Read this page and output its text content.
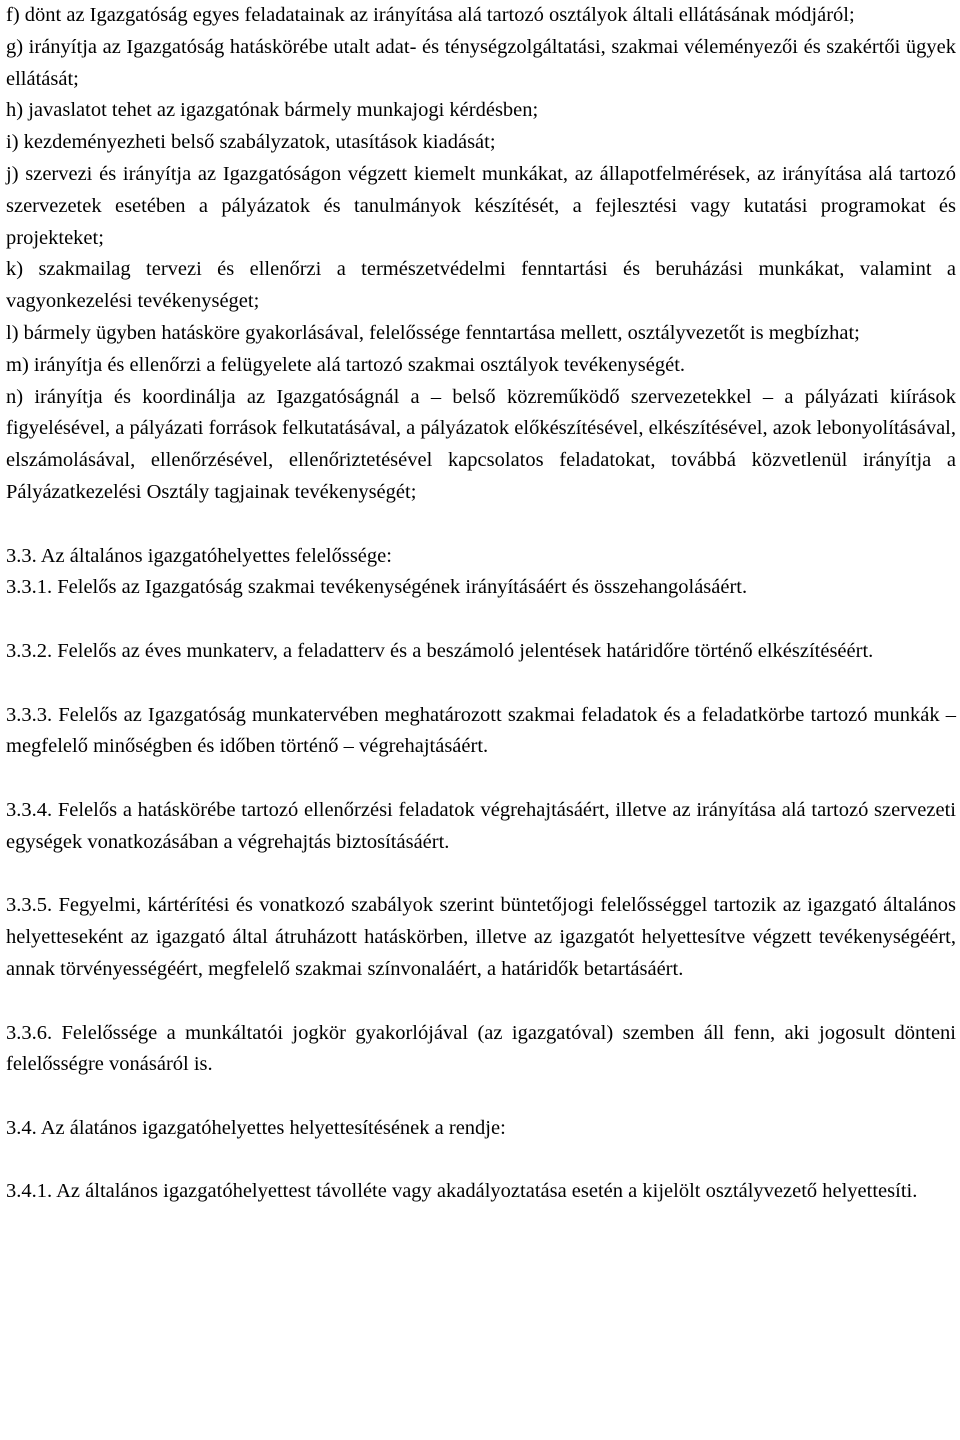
f) dönt az Igazgatóság egyes feladatainak az irányítása alá tartozó osztályok általi ellátásának módjáról;

g) irányítja az Igazgatóság hatáskörébe utalt adat- és ténységzolgáltatási, szakmai véleményezői és szakértői ügyek ellátását;

h) javaslatot tehet az igazgatónak bármely munkajogi kérdésben;

i) kezdeményezheti belső szabályzatok, utasítások kiadását;

j) szervezi és irányítja az Igazgatóságon végzett kiemelt munkákat, az állapotfelmérések, az irányítása alá tartozó szervezetek esetében a pályázatok és tanulmányok készítését, a fejlesztési vagy kutatási programokat és projekteket;

k) szakmailag tervezi és ellenőrzi a természetvédelmi fenntartási és beruházási munkákat, valamint a vagyonkezelési tevékenységet;

l) bármely ügyben hatásköre gyakorlásával, felelőssége fenntartása mellett, osztályvezetőt is megbízhat;

m) irányítja és ellenőrzi a felügyelete alá tartozó szakmai osztályok tevékenységét.

n) irányítja és koordinálja az Igazgatóságnál a – belső közreműködő szervezetekkel – a pályázati kiírások figyelésével, a pályázati források felkutatásával, a pályázatok előkészítésével, elkészítésével, azok lebonyolításával, elszámolásával, ellenőrzésével, ellenőriztetésével kapcsolatos feladatokat, továbbá közvetlenül irányítja a Pályázatkezelési Osztály tagjainak tevékenységét;

3.3. Az általános igazgatóhelyettes felelőssége:

3.3.1. Felelős az Igazgatóság szakmai tevékenységének irányításáért és összehangolásáért.

3.3.2. Felelős az éves munkaterv, a feladatterv és a beszámoló jelentések határidőre történő elkészítéséért.

3.3.3. Felelős az Igazgatóság munkatervében meghatározott szakmai feladatok és a feladatkörbe tartozó munkák – megfelelő minőségben és időben történő – végrehajtásáért.

3.3.4. Felelős a hatáskörébe tartozó ellenőrzési feladatok végrehajtásáért, illetve az irányítása alá tartozó szervezeti egységek vonatkozásában a végrehajtás biztosításáért.

3.3.5. Fegyelmi, kártérítési és vonatkozó szabályok szerint büntetőjogi felelősséggel tartozik az igazgató általános helyetteseként az igazgató által átruházott hatáskörben, illetve az igazgatót helyettesítve végzett tevékenységéért, annak törvényességéért, megfelelő szakmai színvonaláért, a határidők betartásáért.

3.3.6. Felelőssége a munkáltatói jogkör gyakorlójával (az igazgatóval) szemben áll fenn, aki jogosult dönteni felelősségre vonásáról is.

3.4. Az álatános igazgatóhelyettes helyettesítésének a rendje:

3.4.1. Az általános igazgatóhelyettest távolléte vagy akadályoztatása esetén a kijelölt osztályvezető helyettesíti.
